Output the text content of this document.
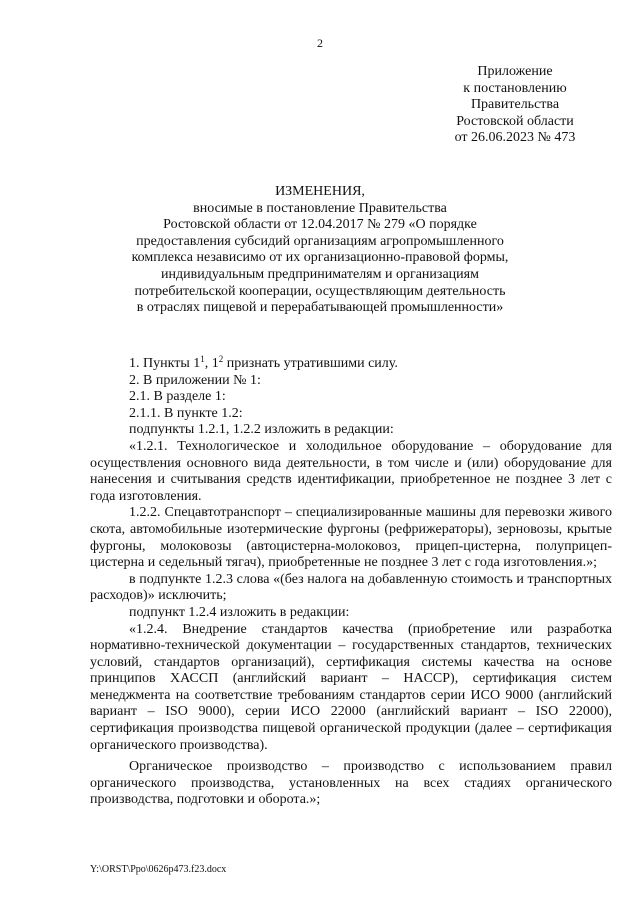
2
Приложение
к постановлению
Правительства
Ростовской области
от 26.06.2023 № 473
ИЗМЕНЕНИЯ,
вносимые в постановление Правительства
Ростовской области от 12.04.2017 № 279 «О порядке
предоставления субсидий организациям агропромышленного
комплекса независимо от их организационно-правовой формы,
индивидуальным предпринимателям и организациям
потребительской кооперации, осуществляющим деятельность
в отраслях пищевой и перерабатывающей промышленности»

1. Пункты $1^1$, $1^2$ признать утратившими силу.

2. В приложении № 1:

2.1. В разделе 1:

2.1.1. В пункте 1.2:

подпункты 1.2.1, 1.2.2 изложить в редакции:

«1.2.1. Технологическое и холодильное оборудование – оборудование для осуществления основного вида деятельности, в том числе и (или) оборудование для нанесения и считывания средств идентификации, приобретенное не позднее 3 лет с года изготовления.

1.2.2. Спецавтотранспорт – специализированные машины для перевозки живого скота, автомобильные изотермические фургоны (рефрижераторы), зерновозы, крытые фургоны, молоковозы (автоцистерна-молоковоз, прицеп-цистерна, полуприцеп-цистерна и седельный тягач), приобретенные не позднее 3 лет с года изготовления.»;

в подпункте 1.2.3 слова «(без налога на добавленную стоимость и транспортных расходов)» исключить;

подпункт 1.2.4 изложить в редакции:

«1.2.4. Внедрение стандартов качества (приобретение или разработка нормативно-технической документации – государственных стандартов, технических условий, стандартов организаций), сертификация системы качества на основе принципов ХАССП (английский вариант – HACCP), сертификация систем менеджмента на соответствие требованиям стандартов серии ИСО 9000 (английский вариант – ISO 9000), серии ИСО 22000 (английский вариант – ISO 22000), сертификация производства пищевой органической продукции (далее – сертификация органического производства).

Органическое производство – производство с использованием правил органического производства, установленных на всех стадиях органического производства, подготовки и оборота.»;

Y:\ORST\Ppo\0626p473.f23.docx
